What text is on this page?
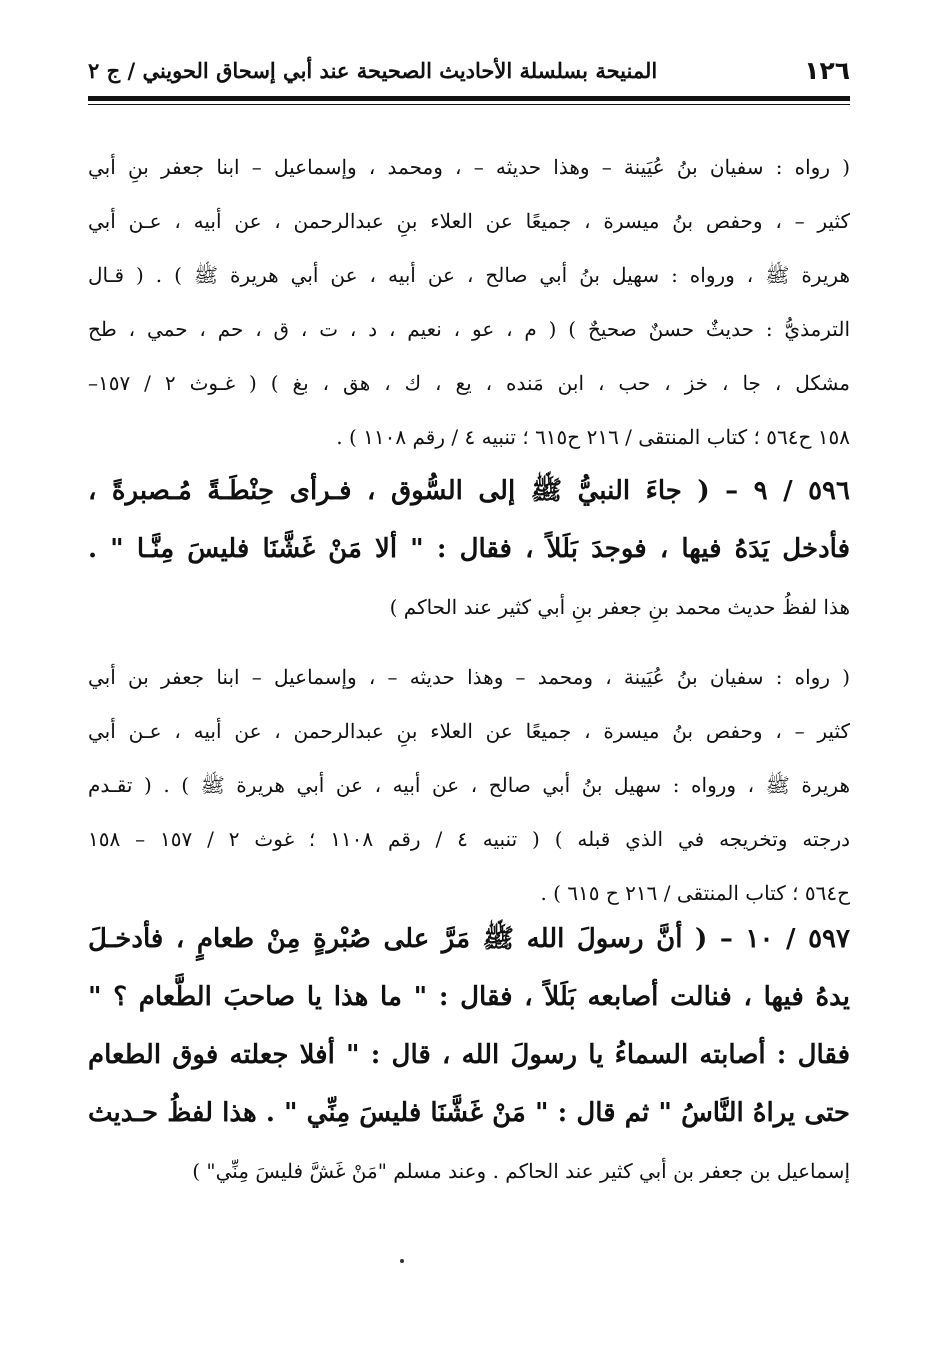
١٢٦
المنيحة بسلسلة الأحاديث الصحيحة عند أبي إسحاق الحويني / ج ٢
( رواه : سفيان بنُ عُيَينة – وهذا حديثه – ، ومحمد ، وإسماعيل – ابنا جعفر بنِ أبي
كثير – ، وحفص بنُ ميسرة ، جميعًا عن العلاء بنِ عبدالرحمن ، عن أبيه ، عـن أبي
هريرة ﷺ ، ورواه : سهيل بنُ أبي صالح ، عن أبيه ، عن أبي هريرة ﷺ ) . ( قـال
الترمذيُّ : حديثٌ حسنٌ صحيحٌ ) ( م ، عو ، نعيم ، د ، ت ، ق ، حم ، حمي ، طح
مشكل ، جا ، خز ، حب ، ابن مَنده ، يع ، ك ، هق ، بغ ) ( غـوث ٢ / ١٥٧–
١٥٨ ح٥٦٤ ؛ كتاب المنتقى / ٢١٦ ح٦١٥ ؛ تنبيه ٤ / رقم ١١٠٨ ) .
٥٩٦ / ٩ – ( جاءَ النبيُّ ﷺ إلى السُّوق ، فـرأى حِنْطَـةً مُـصبرةً ،
فأدخل يَدَهُ فيها ، فوجدَ بَلَلاً ، فقال : " ألا مَنْ غَشَّنَا فليسَ مِنَّـا " .
هذا لفظُ حديث محمد بنِ جعفر بنِ أبي كثير عند الحاكم )
( رواه : سفيان بنُ عُيَينة ، ومحمد – وهذا حديثه – ، وإسماعيل – ابنا جعفر بن أبي
كثير – ، وحفص بنُ ميسرة ، جميعًا عن العلاء بنِ عبدالرحمن ، عن أبيه ، عـن أبي
هريرة ﷺ ، ورواه : سهيل بنُ أبي صالح ، عن أبيه ، عن أبي هريرة ﷺ ) . ( تقـدم
درجته وتخريجه في الذي قبله ) ( تنبيه ٤ / رقم ١١٠٨ ؛ غوث ٢ / ١٥٧ – ١٥٨
ح٥٦٤ ؛ كتاب المنتقى / ٢١٦ ح ٦١٥ ) .
٥٩٧ / ١٠ – ( أنَّ رسولَ الله ﷺ مَرَّ على صُبْرةٍ مِنْ طعامٍ ، فأدخـلَ
يدهُ فيها ، فنالت أصابعه بَلَلاً ، فقال : " ما هذا يا صاحبَ الطَّعام ؟ "
فقال : أصابته السماءُ يا رسولَ الله ، قال : " أفلا جعلته فوق الطعام
حتى يراهُ النَّاسُ " ثم قال : " مَنْ غَشَّنَا فليسَ مِنِّي " . هذا لفظُ حـديث
إسماعيل بن جعفر بن أبي كثير عند الحاكم . وعند مسلم "مَنْ غَشَّ فليسَ مِنِّي" )
